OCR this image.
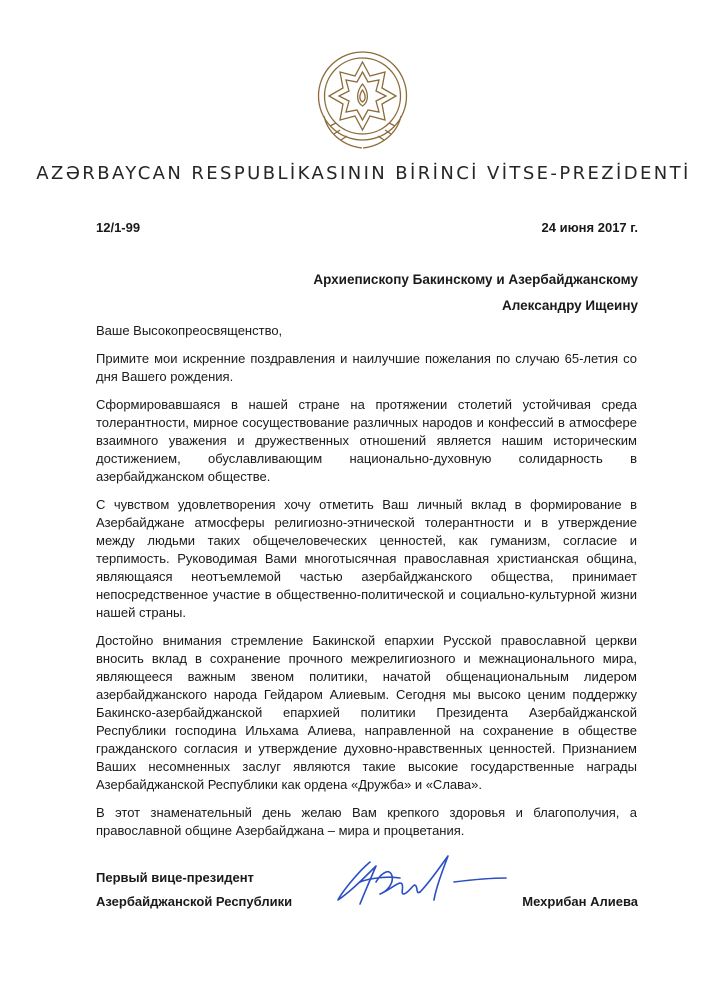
AZƏRBAYCAN RESPUBLİKASININ BİRİNCİ VİTSE-PREZİDENTİ
12/1-99	24 июня 2017 г.
Архиепископу Бакинскому и Азербайджанскому
Александру Ищеину

Ваше Высокопреосвященство,

Примите мои искренние поздравления и наилучшие пожелания по случаю 65-летия со дня Вашего рождения.

Сформировавшаяся в нашей стране на протяжении столетий устойчивая среда толерантности, мирное сосуществование различных народов и конфессий в атмосфере взаимного уважения и дружественных отношений является нашим историческим достижением, обуславливающим национально-духовную солидарность в азербайджанском обществе.

С чувством удовлетворения хочу отметить Ваш личный вклад в формирование в Азербайджане атмосферы религиозно-этнической толерантности и в утверждение между людьми таких общечеловеческих ценностей, как гуманизм, согласие и терпимость. Руководимая Вами многотысячная православная христианская община, являющаяся неотъемлемой частью азербайджанского общества, принимает непосредственное участие в общественно-политической и социально-культурной жизни нашей страны.

Достойно внимания стремление Бакинской епархии Русской православной церкви вносить вклад в сохранение прочного межрелигиозного и межнационального мира, являющееся важным звеном политики, начатой общенациональным лидером азербайджанского народа Гейдаром Алиевым. Сегодня мы высоко ценим поддержку Бакинско-азербайджанской епархией политики Президента Азербайджанской Республики господина Ильхама Алиева, направленной на сохранение в обществе гражданского согласия и утверждение духовно-нравственных ценностей. Признанием Ваших несомненных заслуг являются такие высокие государственные награды Азербайджанской Республики как ордена «Дружба» и «Слава».

В этот знаменательный день желаю Вам крепкого здоровья и благополучия, а православной общине Азербайджана – мира и процветания.

Первый вице-президент
Азербайджанской Республики	Мехрибан Алиева
